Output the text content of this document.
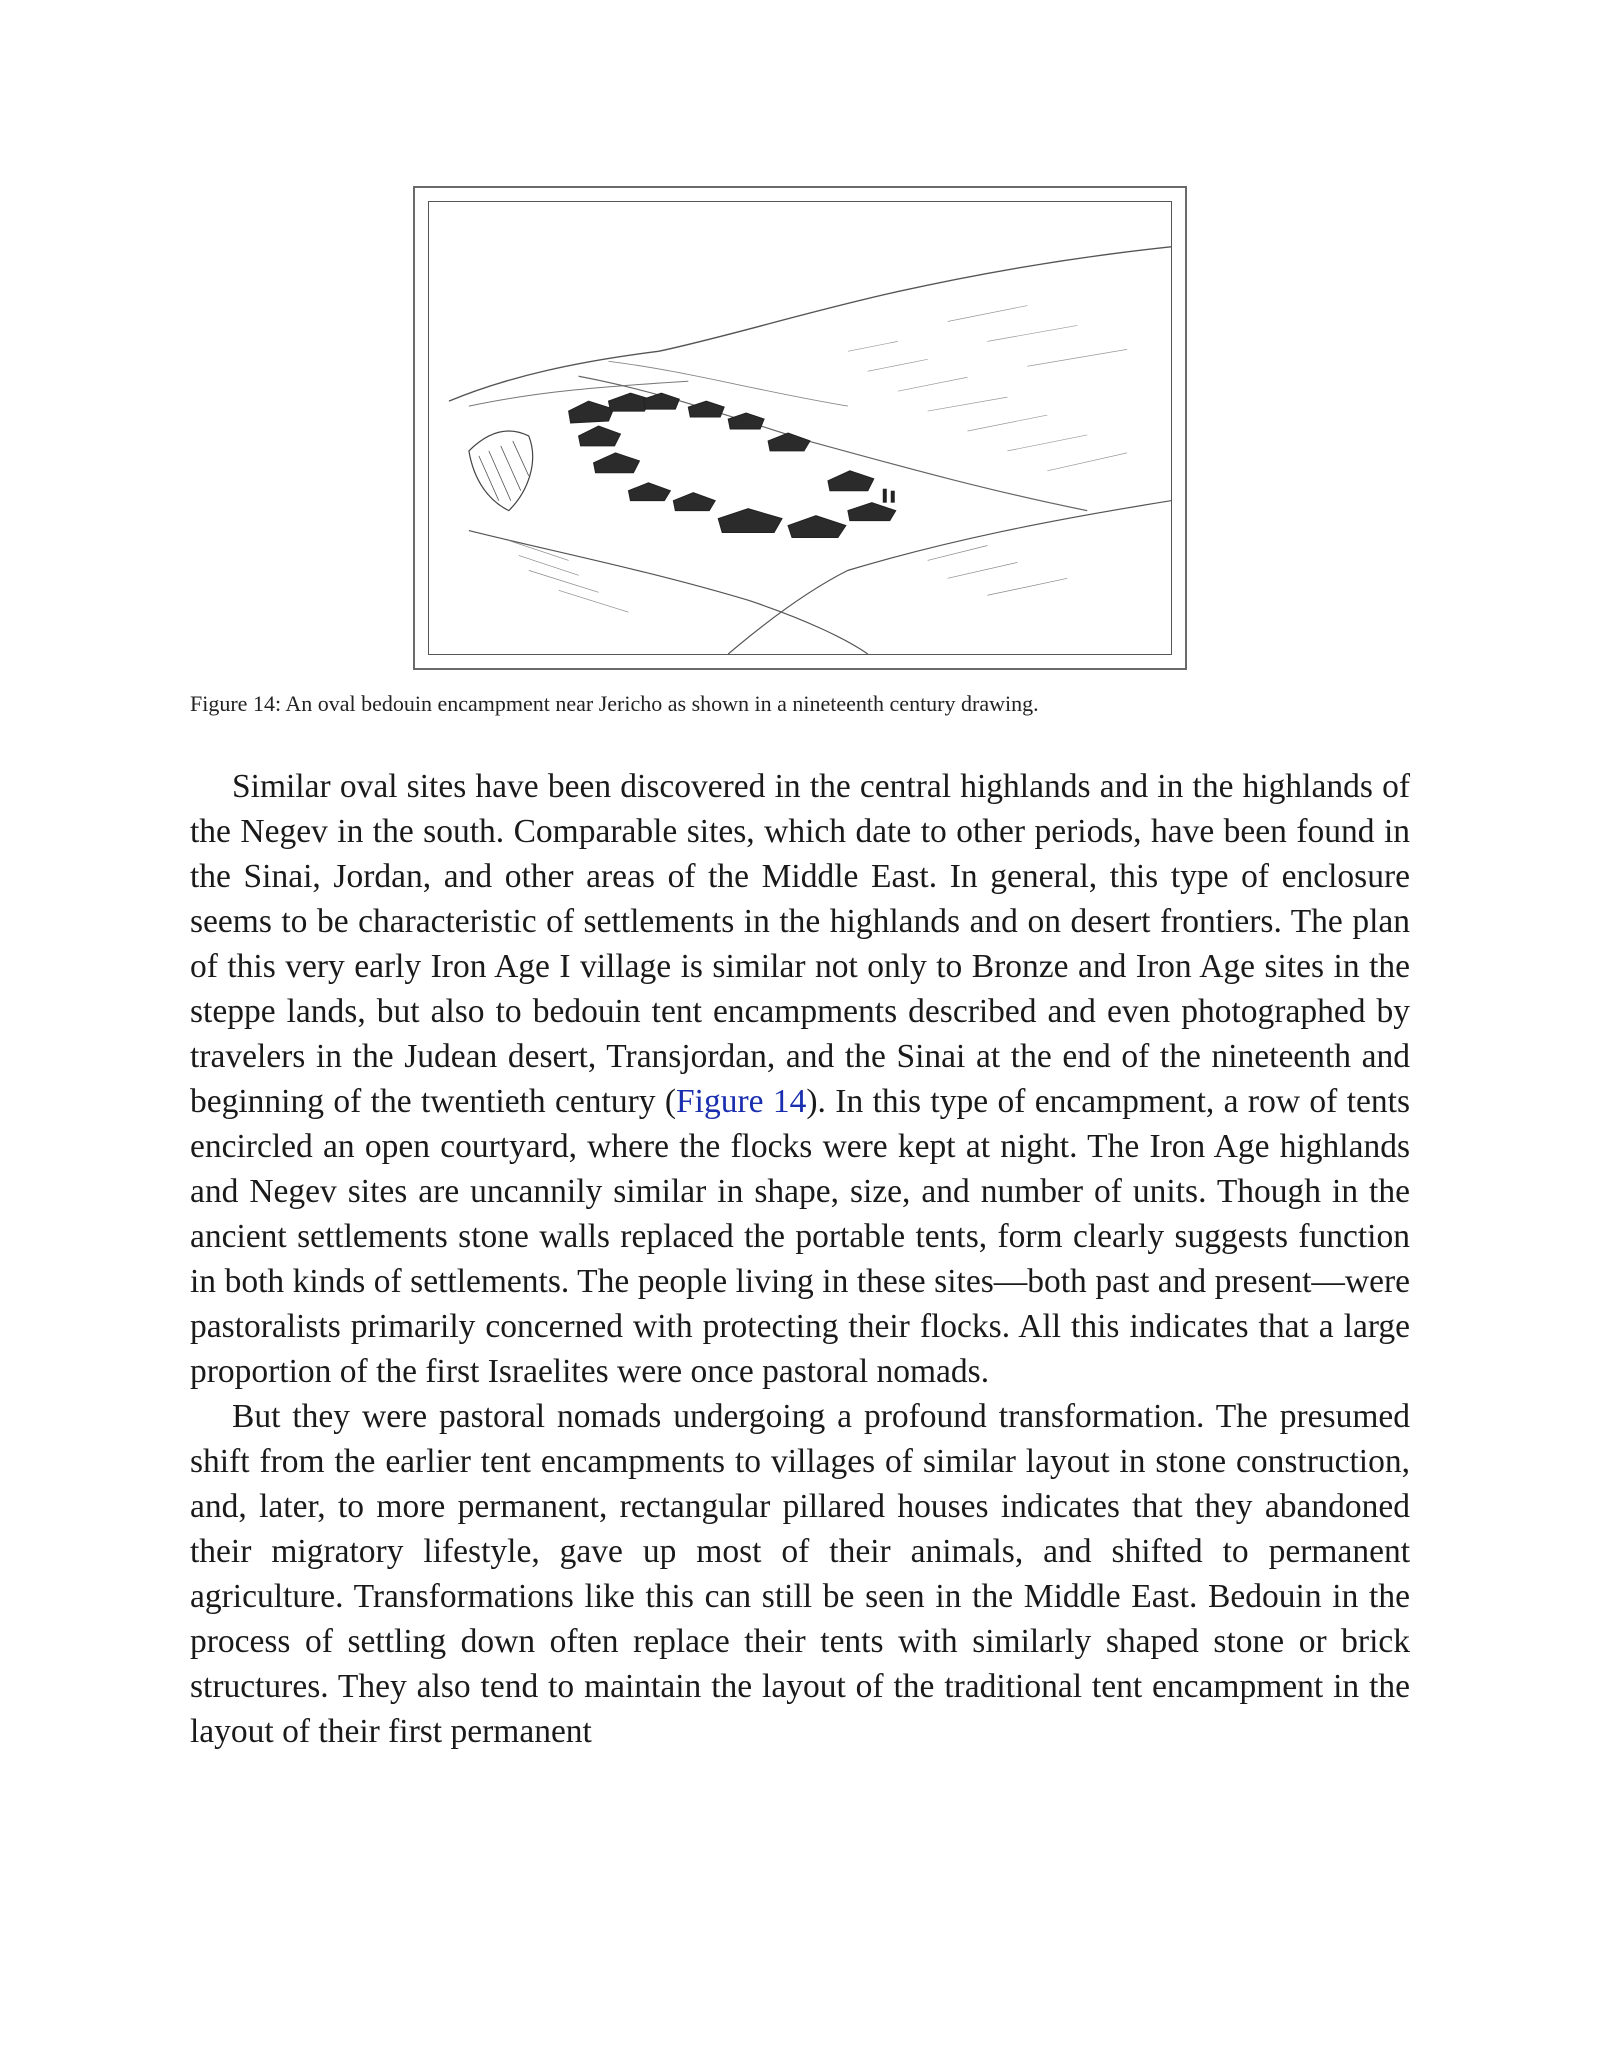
Figure 14: An oval bedouin encampment near Jericho as shown in a nineteenth century drawing.

Similar oval sites have been discovered in the central highlands and in the highlands of the Negev in the south. Comparable sites, which date to other periods, have been found in the Sinai, Jordan, and other areas of the Middle East. In general, this type of enclosure seems to be characteristic of settlements in the highlands and on desert frontiers. The plan of this very early Iron Age I village is similar not only to Bronze and Iron Age sites in the steppe lands, but also to bedouin tent encampments described and even photographed by travelers in the Judean desert, Transjordan, and the Sinai at the end of the nineteenth and beginning of the twentieth century (Figure 14). In this type of encampment, a row of tents encircled an open courtyard, where the flocks were kept at night. The Iron Age highlands and Negev sites are uncannily similar in shape, size, and number of units. Though in the ancient settlements stone walls replaced the portable tents, form clearly suggests function in both kinds of settlements. The people living in these sites—both past and present—were pastoralists primarily concerned with protecting their flocks. All this indicates that a large proportion of the first Israelites were once pastoral nomads.

But they were pastoral nomads undergoing a profound transformation. The presumed shift from the earlier tent encampments to villages of similar layout in stone construction, and, later, to more permanent, rectangular pillared houses indicates that they abandoned their migratory lifestyle, gave up most of their animals, and shifted to permanent agriculture. Transformations like this can still be seen in the Middle East. Bedouin in the process of settling down often replace their tents with similarly shaped stone or brick structures. They also tend to maintain the layout of the traditional tent encampment in the layout of their first permanent
